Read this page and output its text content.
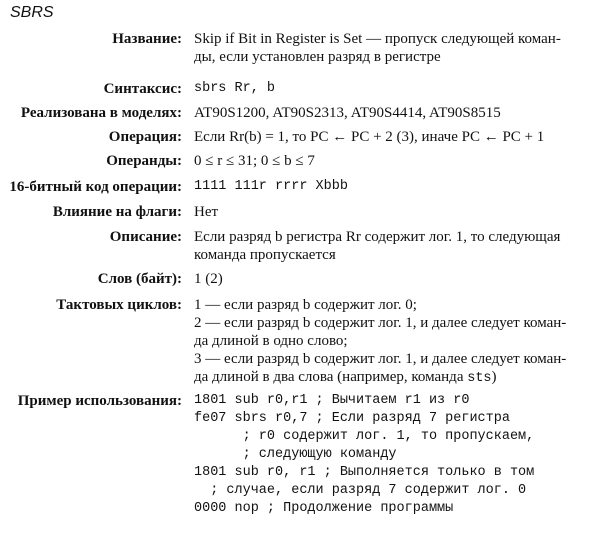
SBRS
Название: Skip if Bit in Register is Set — пропуск следующей коман-
ды, если установлен разряд в регистре
Синтаксис: sbrs Rr, b
Реализована в моделях: AT90S1200, AT90S2313, AT90S4414, AT90S8515
Операция: Если Rr(b) = 1, то PC ← PC + 2 (3), иначе PC ← PC + 1
Операнды: 0 ≤ r ≤ 31; 0 ≤ b ≤ 7
16-битный код операции: 1111 111r rrrr Xbbb
Влияние на флаги: Нет
Описание: Если разряд b регистра Rr содержит лог. 1, то следующая
команда пропускается
Слов (байт): 1 (2)
Тактовых циклов: 1 — если разряд b содержит лог. 0;
2 — если разряд b содержит лог. 1, и далее следует коман-
да длиной в одно слово;
3 — если разряд b содержит лог. 1, и далее следует коман-
да длиной в два слова (например, команда sts)
Пример использования: 1801 sub r0,r1 ; Вычитаем r1 из r0
fe07 sbrs r0,7 ; Если разряд 7 регистра
; r0 содержит лог. 1, то пропускаем,
; следующую команду
1801 sub r0, r1 ; Выполняется только в том
; случае, если разряд 7 содержит лог. 0
0000 nop ; Продолжение программы
